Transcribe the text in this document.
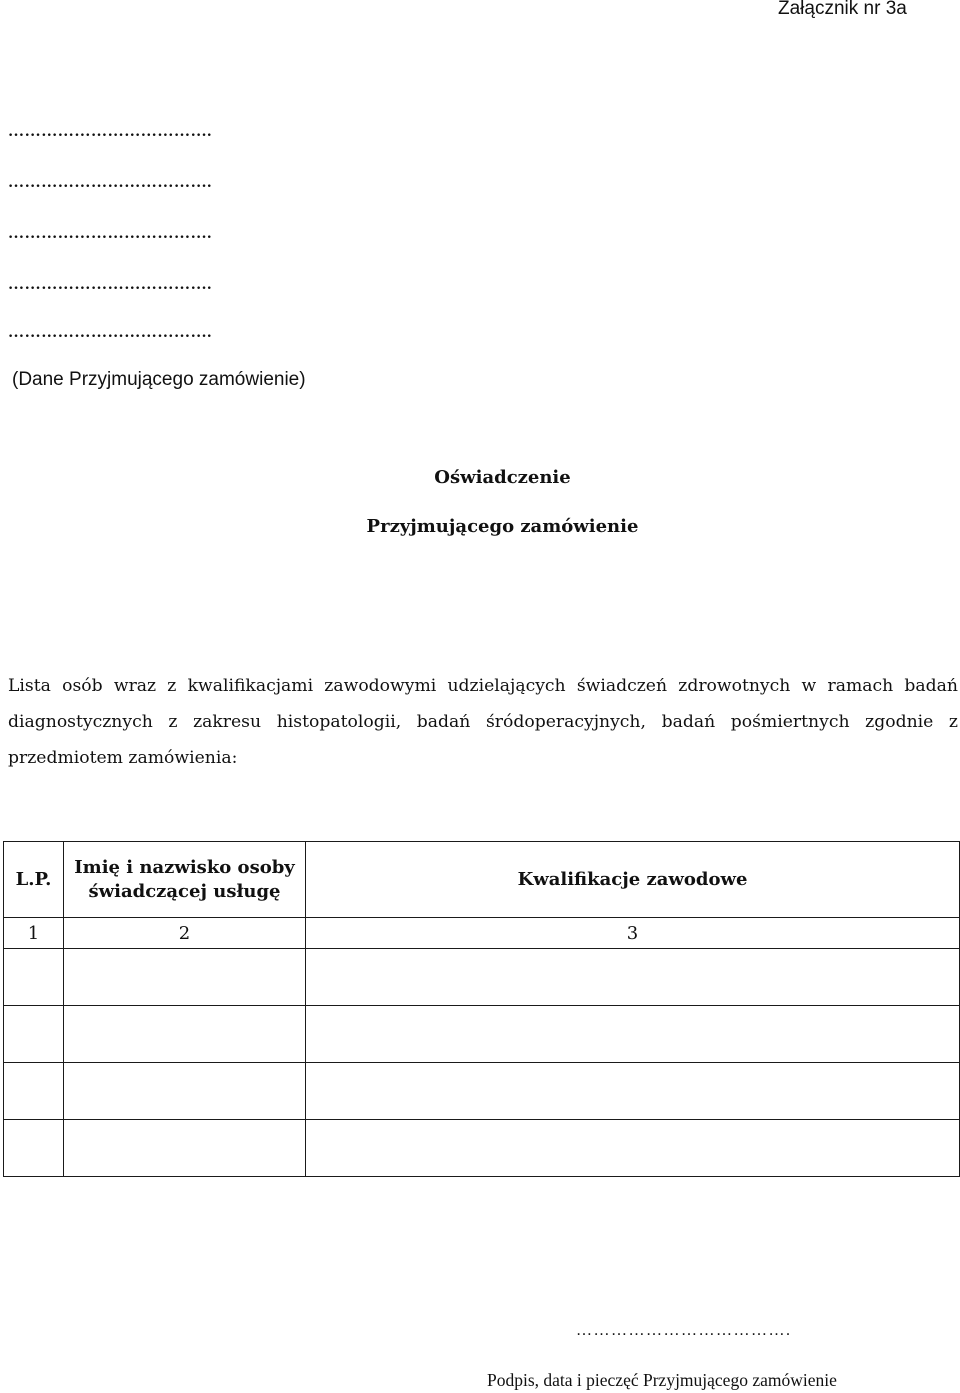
Załącznik nr 3a
……………………………….
……………………………….
……………………………….
……………………………….
……………………………….
(Dane Przyjmującego zamówienie)
Oświadczenie
Przyjmującego zamówienie
Lista osób wraz z kwalifikacjami zawodowymi udzielających świadczeń zdrowotnych w ramach badań diagnostycznych z zakresu histopatologii, badań śródoperacyjnych, badań pośmiertnych zgodnie z przedmiotem zamówienia:
L.P.	Imię i nazwisko osoby świadczącej usługę	Kwalifikacje zawodowe
1	2	3

……………………………….
Podpis, data i pieczęć Przyjmującego zamówienie
